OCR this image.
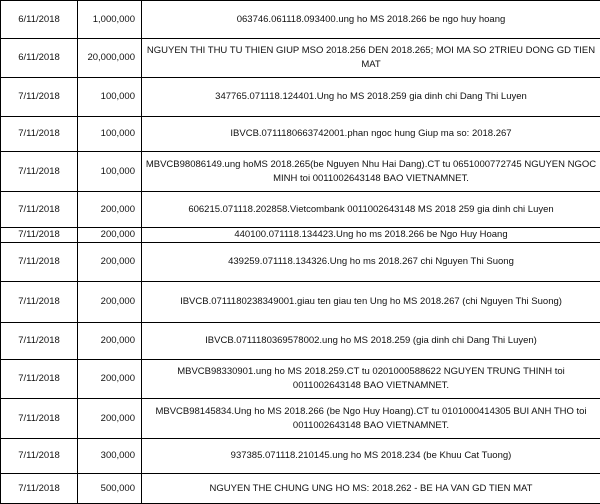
6/11/2018	1,000,000	063746.061118.093400.ung ho MS 2018.266 be ngo huy hoang
6/11/2018	20,000,000	NGUYEN THI THU TU THIEN GIUP MSO 2018.256 DEN 2018.265; MOI MA SO 2TRIEU DONG GD TIEN MAT
7/11/2018	100,000	347765.071118.124401.Ung ho MS 2018.259 gia dinh chi Dang Thi Luyen
7/11/2018	100,000	IBVCB.0711180663742001.phan ngoc hung Giup ma so: 2018.267
7/11/2018	100,000	MBVCB98086149.ung hoMS 2018.265(be Nguyen Nhu Hai Dang).CT tu 0651000772745 NGUYEN NGOC MINH toi 0011002643148 BAO VIETNAMNET.
7/11/2018	200,000	606215.071118.202858.Vietcombank 0011002643148 MS 2018 259 gia dinh chi Luyen
7/11/2018	200,000	440100.071118.134423.Ung ho ms 2018.266 be Ngo Huy Hoang
7/11/2018	200,000	439259.071118.134326.Ung ho ms 2018.267 chi Nguyen Thi Suong
7/11/2018	200,000	IBVCB.0711180238349001.giau ten giau ten Ung ho MS 2018.267 (chi Nguyen Thi Suong)
7/11/2018	200,000	IBVCB.0711180369578002.ung ho MS 2018.259 (gia dinh chi Dang Thi Luyen)
7/11/2018	200,000	MBVCB98330901.ung ho MS 2018.259.CT tu 0201000588622 NGUYEN TRUNG THINH toi 0011002643148 BAO VIETNAMNET.
7/11/2018	200,000	MBVCB98145834.Ung ho MS 2018.266 (be Ngo Huy Hoang).CT tu 0101000414305 BUI ANH THO toi 0011002643148 BAO VIETNAMNET.
7/11/2018	300,000	937385.071118.210145.ung ho MS 2018.234 (be Khuu Cat Tuong)
7/11/2018	500,000	NGUYEN THE CHUNG UNG HO MS: 2018.262 - BE HA VAN GD TIEN MAT
